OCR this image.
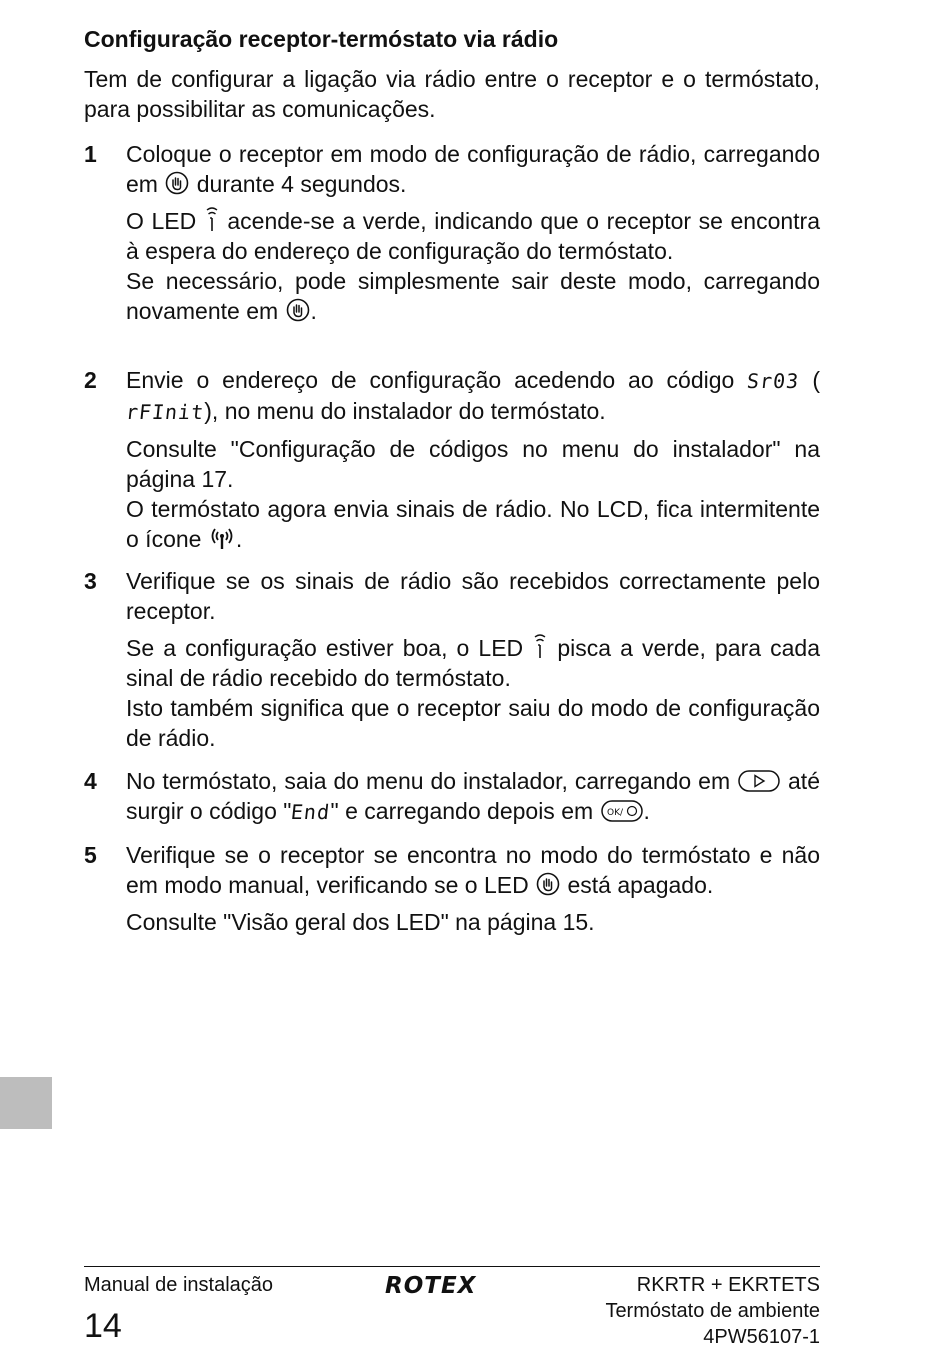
Configuração receptor-termóstato via rádio
Tem de configurar a ligação via rádio entre o receptor e o termóstato, para possibilitar as comunicações.
1	Coloque o receptor em modo de configuração de rádio, carregando em  durante 4 segundos.

O LED  acende-se a verde, indicando que o receptor se encontra à espera do endereço de configuração do termóstato.

Se necessário, pode simplesmente sair deste modo, carregando novamente em .

2	Envie o endereço de configuração acedendo ao código Sr03 (rFInit), no menu do instalador do termóstato.

Consulte "Configuração de códigos no menu do instalador" na página 17.

O termóstato agora envia sinais de rádio. No LCD, fica intermitente o ícone .

3	Verifique se os sinais de rádio são recebidos correctamente pelo receptor.

Se a configuração estiver boa, o LED  pisca a verde, para cada sinal de rádio recebido do termóstato.

Isto também significa que o receptor saiu do modo de configuração de rádio.

4	No termóstato, saia do menu do instalador, carregando em  até surgir o código "End" e carregando depois em .

5	Verifique se o receptor se encontra no modo do termóstato e não em modo manual, verificando se o LED  está apagado.

Consulte "Visão geral dos LED" na página 15.

Manual de instalação
14
ROTEX	RKRTR + EKRTETS
Termóstato de ambiente
4PW56107-1
